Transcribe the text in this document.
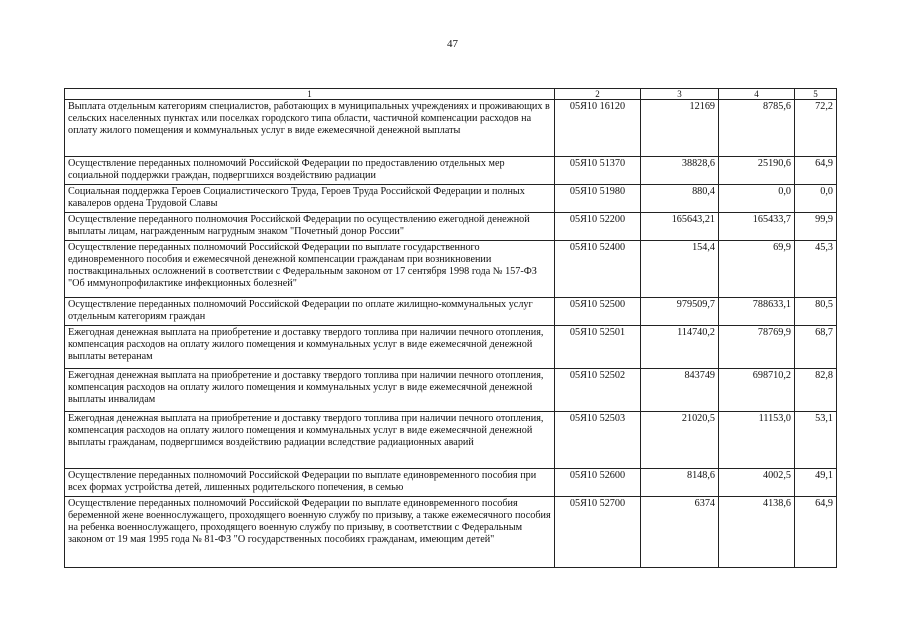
47
1	2	3	4	5
Выплата отдельным категориям специалистов, работающих в муниципальных учреждениях и проживающих в сельских населенных пунктах или поселках городского типа области, частичной компенсации расходов на оплату жилого помещения и коммунальных услуг в виде ежемесячной денежной выплаты	05Я10 16120	12169	8785,6	72,2
Осуществление переданных полномочий Российской Федерации по предоставлению отдельных мер социальной поддержки граждан, подвергшихся воздействию радиации	05Я10 51370	38828,6	25190,6	64,9
Социальная поддержка Героев Социалистического Труда, Героев Труда Российской Федерации и полных кавалеров ордена Трудовой Славы	05Я10 51980	880,4	0,0	0,0
Осуществление переданного полномочия Российской Федерации по осуществлению ежегодной денежной выплаты лицам, награжденным нагрудным знаком "Почетный донор России"	05Я10 52200	165643,21	165433,7	99,9
Осуществление переданных полномочий Российской Федерации по выплате государственного единовременного пособия и ежемесячной денежной компенсации гражданам при возникновении поствакцинальных осложнений в соответствии с Федеральным законом от 17 сентября 1998 года № 157-ФЗ "Об иммунопрофилактике инфекционных болезней"	05Я10 52400	154,4	69,9	45,3
Осуществление переданных полномочий Российской Федерации по оплате жилищно-коммунальных услуг отдельным категориям граждан	05Я10 52500	979509,7	788633,1	80,5
Ежегодная денежная выплата на приобретение и доставку твердого топлива при наличии печного отопления, компенсация расходов на оплату жилого помещения и коммунальных услуг в виде ежемесячной денежной выплаты ветеранам	05Я10 52501	114740,2	78769,9	68,7
Ежегодная денежная выплата на приобретение и доставку твердого топлива при наличии печного отопления, компенсация расходов на оплату жилого помещения и коммунальных услуг в виде ежемесячной денежной выплаты инвалидам	05Я10 52502	843749	698710,2	82,8
Ежегодная денежная выплата на приобретение и доставку твердого топлива при наличии печного отопления, компенсация расходов на оплату жилого помещения и коммунальных услуг в виде ежемесячной денежной выплаты гражданам, подвергшимся воздействию радиации вследствие радиационных аварий	05Я10 52503	21020,5	11153,0	53,1
Осуществление переданных полномочий Российской Федерации по выплате единовременного пособия при всех формах устройства детей, лишенных родительского попечения, в семью	05Я10 52600	8148,6	4002,5	49,1
Осуществление переданных полномочий Российской Федерации по выплате единовременного пособия беременной жене военнослужащего, проходящего военную службу по призыву, а также ежемесячного пособия на ребенка военнослужащего, проходящего военную службу по призыву, в соответствии с Федеральным законом от 19 мая 1995 года № 81-ФЗ "О государственных пособиях гражданам, имеющим детей"	05Я10 52700	6374	4138,6	64,9
